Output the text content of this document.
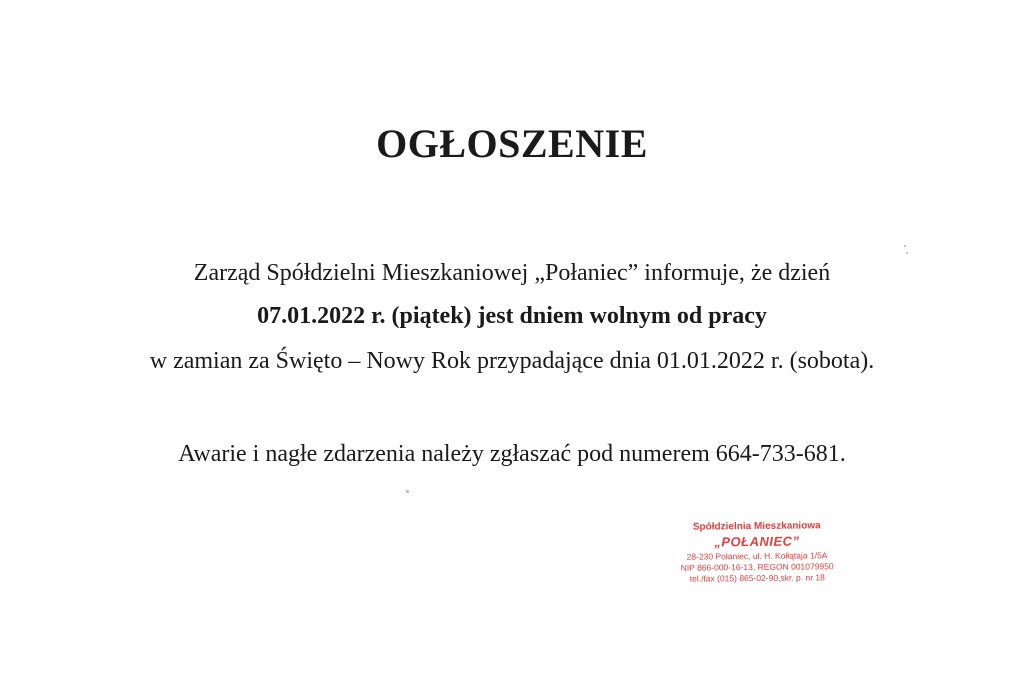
OGŁOSZENIE
Zarząd Spółdzielni Mieszkaniowej „Połaniec” informuje, że dzień
07.01.2022 r. (piątek) jest dniem wolnym od pracy
w zamian za Święto – Nowy Rok przypadające dnia 01.01.2022 r. (sobota).
Awarie i nagłe zdarzenia należy zgłaszać pod numerem 664-733-681.
Spółdzielnia Mieszkaniowa
„POŁANIEC”
28-230 Połaniec, ul. H. Kołłątaja 1/5A
NIP 866-000-16-13, REGON 001079950
tel./fax (015) 865-02-90,skr. p. nr 18
